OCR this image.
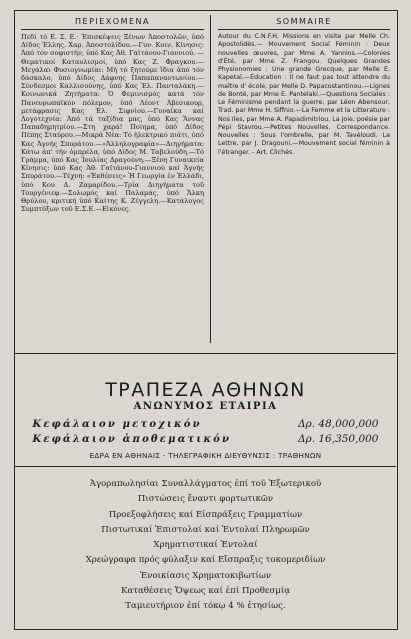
ΠΕΡΙΕΧΟΜΕΝΑ

Πεδί τό Ε. Σ. Ε.· Ἐπισκέψεις Ξένων Ἀποστολῶν, ὑπό Δίδος Ἑλλης. Χαρ. Ἀποστολίδου.—Γυν. Κοιν. Κίνησις: Ἀπό τόν σοφιστήν, ὑπό Κας Ἀθ. Γαϊτάνου-Γιαννιού. —Θεματικοί Καταυλισμοί, ὑπό Κας Ζ. Φραγκου.—Μεγάλαι Φυσιογνωμίαι: Μή τό ξητούμε ἴδια ἀπό τόν δάσκαλο, ὑπό Δίδος Δάφνης Παπαπαναντωνίου.—Σύνδεσμοι Καλλισούνης, ὑπό Κας Ἐλ. Πανταλάκη.—Κοινωνικά Ζητήματα: Ὁ Φεμινισμός κατά τόν Πανευρωπαϊκόν πόλεμον, ὑπό Λέοντ Ἀβεσικουρ, μετάφρασις Κας Ἑλ. Σιφνίου.—Γυναίκα καί Λογοτεχνία: Ἀπό τά ταξίδια μας, ὑπό Κας Ἄννας Παπαδημητρίου.—Στη χαρά! Ποίημα, ὑπό Δίδος Πέπης Σταύρου.—Μικρά Νέα: Τό ἠλεκτρικό πιάτι, ὑπό Κας Ἀγνής Σπυράτου.—«Ἀλληλογραφία»—Διηγήματα: Κάτω ἀπ' τήν ὀμπρέλα, ὑπό Δίδος Μ. Ταβελούδη.—Τό Γράμμα, ὑπό Κας Ἰουλίας Δραγούνη.—Ξένη Γυναικεία Κίνησις: ὑπό Κας Ἀθ. Γαϊτάνου-Γιαννιού καί Ἀγνής Σπυράτου.—Τέχνη: «Ἐκθέσεις» Ἡ Γεωργία ἐν Ἑλλάδι, ὑπό Κου Δ. Ζαμαρίδου.—Τρία Διηγήματα τοῦ Τουργένιεφ.—Σολωμός καί Παλαμάς, ὑπό Ἄλκη Θρύλου, κριτική ὑπό Καίτης Κ. Ζέγγελη.—Κατάλογος Συμπτύξων τοῦ Ε.Σ.Ε.—Εἰκόνες.

SOMMAIRE

Autour du C.N.F.H. Missions en visite par Melle Ch. Apostolidès.— Mouvement Social Féminin : Deux nouvelles œuvres, par Mme A. Yannios.—Colonies d'Été, par Mme Z. Frangou. Quelques Grandes Physionomies : Une grande Grecque, par Melle E. Kapetaï.—Éducation : Il ne faut pas tout attendre du maître d' école, par Melle D. Papacostantinou.—Lignes de Bonté, par Mme E. Pantelaki.—Questions Sociales : Le Féminisme pendant la guerre, par Léon Abensour, Trad. par Mme H. Siffnio.—La Femme et la Litterature : Nos Iles, par Mme A. Papadimitriou. La joie, poésie par Pépi Stavrou.—Petites Nouvelles. Correspondance. Nouvelles : Sous l'ombrelle, par M. Tavéloudi. La Lettre, par J. Dragouni.—Mouvement social féminin à l'étranger. - Art. Clichés.

ΤΡΑΠΕΖΑ ΑΘΗΝΩΝ
ΑΝΩΝΥΜΟΣ ΕΤΑΙΡΙΑ
Κεφάλαιον μετοχικόν	Δρ. 48,000,000
Κεφάλαιον ἀποθεματικόν	Δρ. 16,350,000
ΕΔΡΑ ΕΝ ΑΘΗΝΑΙΣ - ΤΗΛΕΓΡΑΦΙΚΗ ΔΙΕΥΘΥΝΣΙΣ : ΤΡΑΘΗΝΩΝ

Ἀγοραπωλησίαι Συναλλάγματος ἐπί τοῦ Ἐξωτερικοῦ

Πιστώσεις ἔναντι φορτωτικῶν

Προεξοφλήσεις καί Εἰσπράξεις Γραμματίων

Πιστωτικαί Ἐπιστολαί καί Ἐντολαί Πληρωμῶν

Χρηματιστικαί Ἐντολαί

Χρεώγραφα πρός φύλαξιν καί Εἴσπραξις τοκομεριδίων

Ἐνοικίασις Χρηματοκιβωτίων

Καταθέσεις Ὄψεως καί ἐπί Προθεσμίᾳ

Ταμιευτήριον ἐπί τόκῳ 4 % ἐτησίως.
